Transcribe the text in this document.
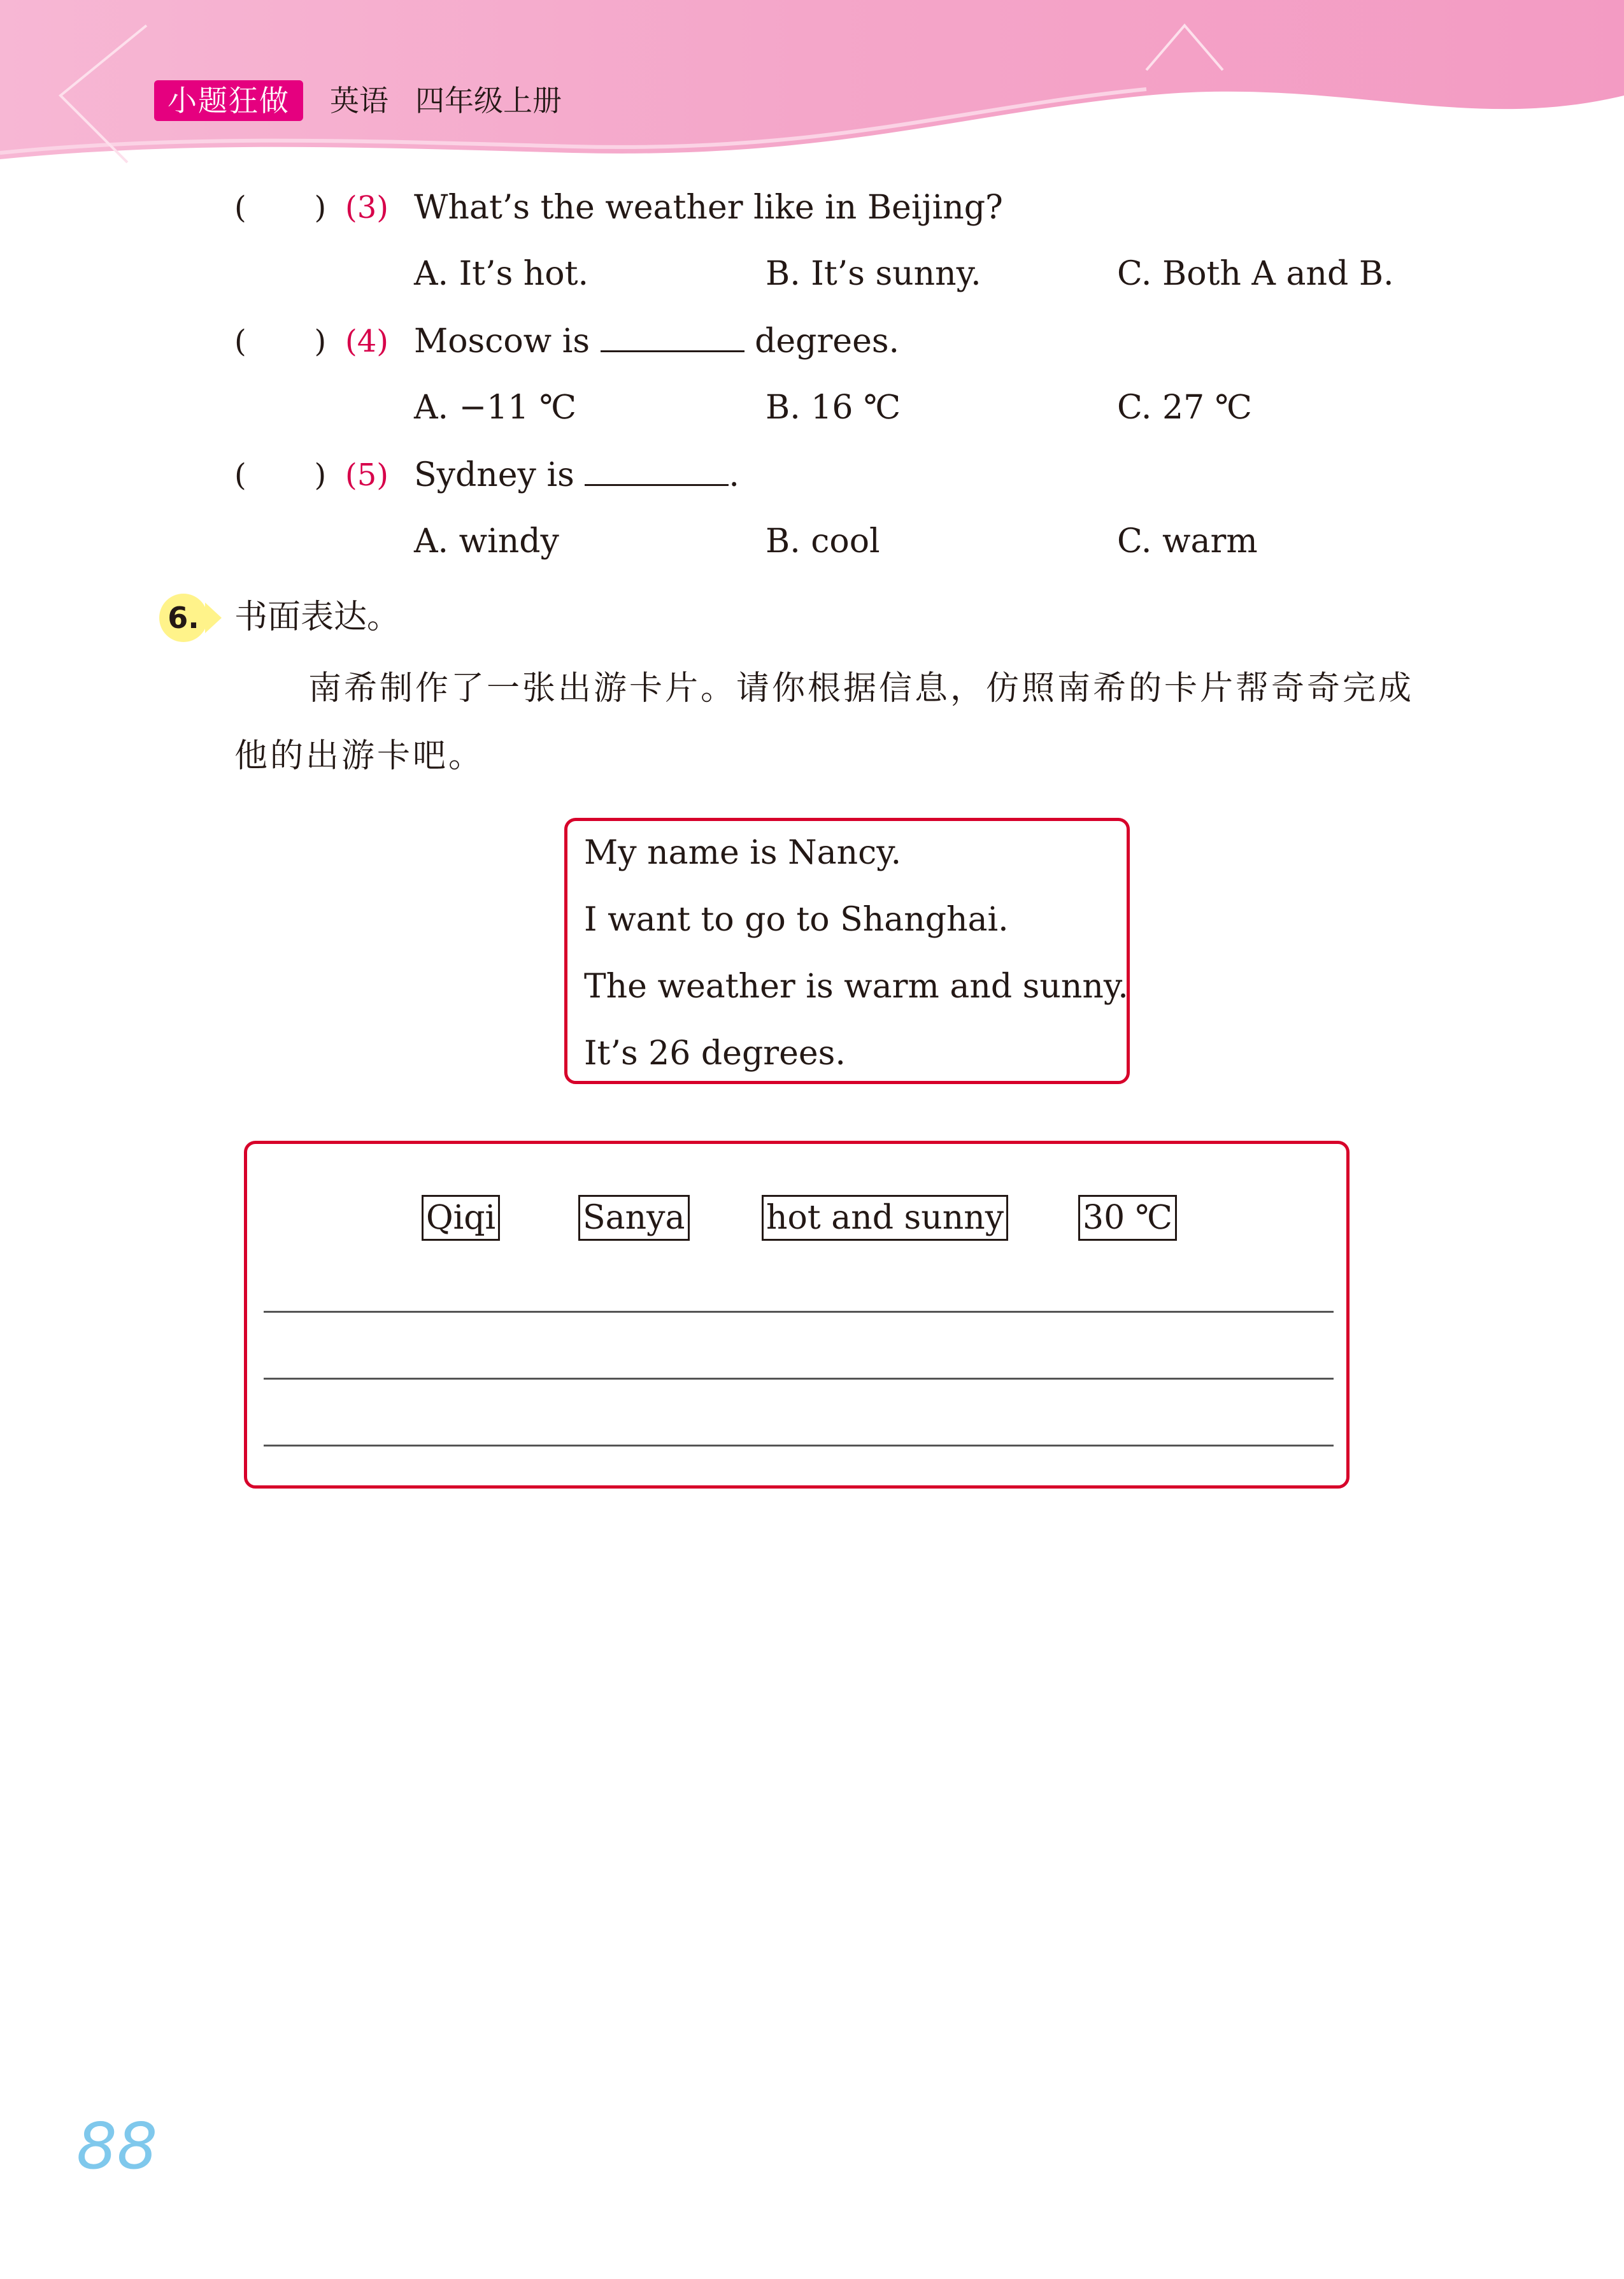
小题狂做	英语 四年级上册
(       ) (3) What’s the weather like in Beijing?
A. It’s hot.	B. It’s sunny.	C. Both A and B.
(       ) (4) Moscow is	degrees.
A. −11 ℃	B. 16 ℃	C. 27 ℃
(       ) (5) Sydney is	.
A. windy	B. cool	C. warm
6. 书面表达。
南希制作了一张出游卡片。请你根据信息，仿照南希的卡片帮奇奇完成
他的出游卡吧。
My name is Nancy.
I want to go to Shanghai.
The weather is warm and sunny.
It’s 26 degrees.
Qiqi	Sanya hot and sunny 30 ℃
88
